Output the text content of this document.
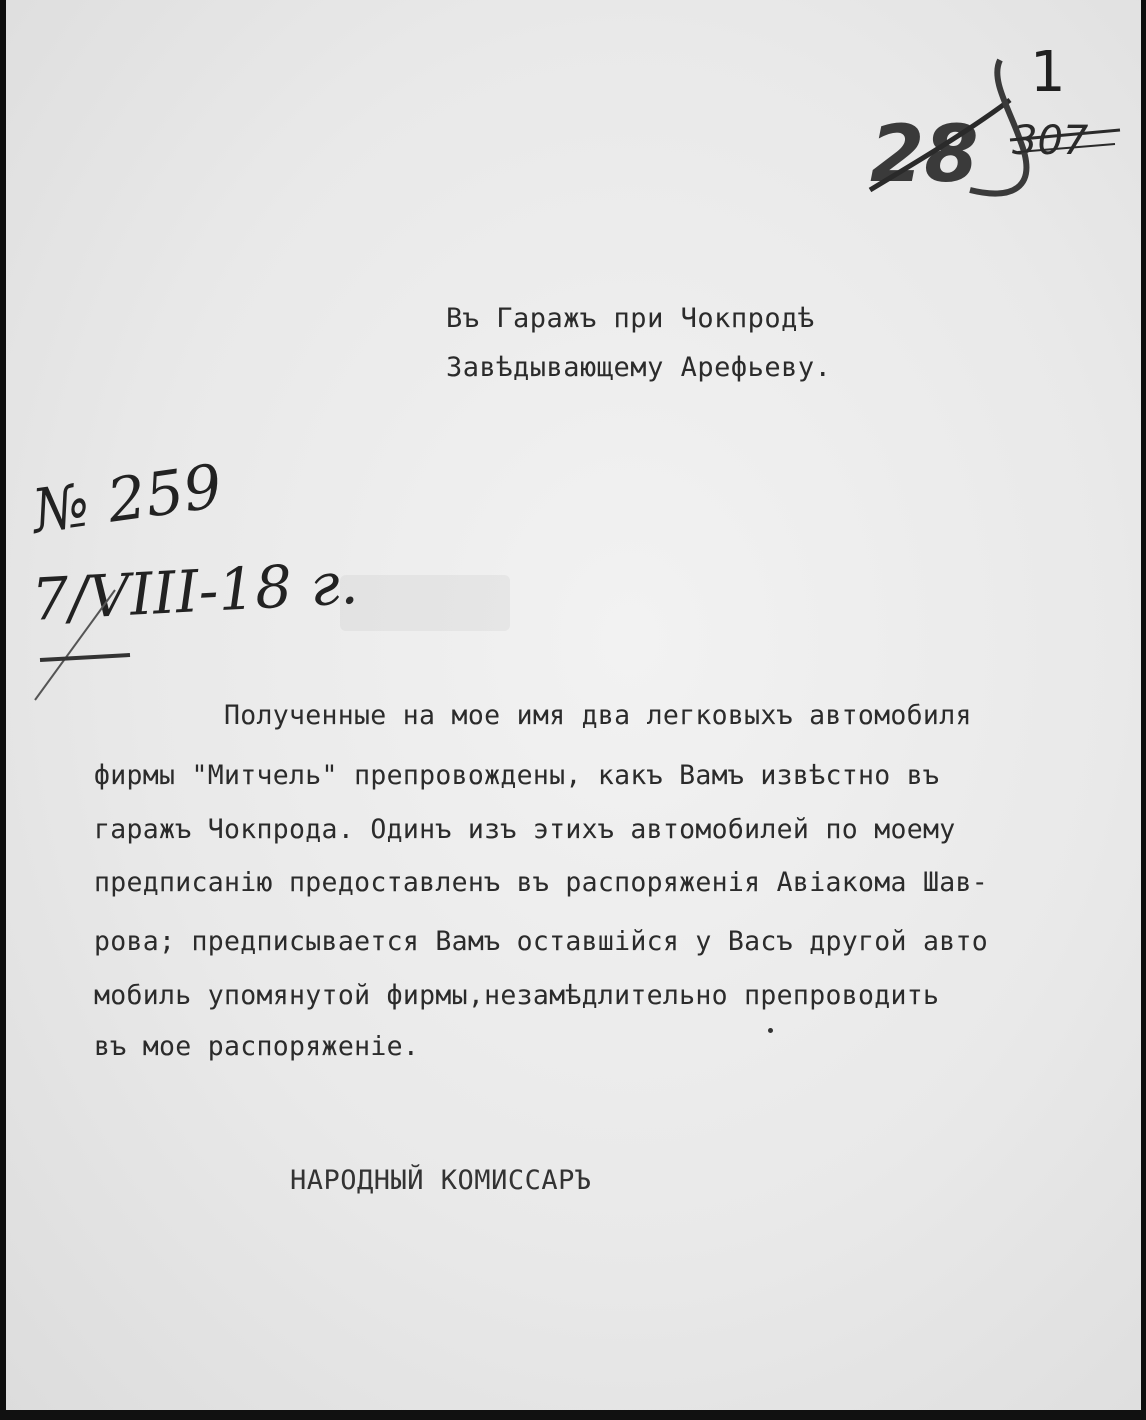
1
28 307
Въ Гаражъ при Чокпродѣ
Завѣдывающему Арефьеву.
№ 259
7/VIII-18 г.
Полученные на мое имя два легковыхъ автомобиля
фирмы "Митчель" препровождены, какъ Вамъ извѣстно въ
гаражъ Чокпрода. Одинъ изъ этихъ автомобилей по моему
предписанію предоставленъ въ распоряженія Авіакома Шав-
рова; предписывается Вамъ оставшійся у Васъ другой авто
мобиль упомянутой фирмы,незамѣдлительно препроводить
въ мое распоряженіе.
НАРОДНЫЙ КОМИССАРЪ
